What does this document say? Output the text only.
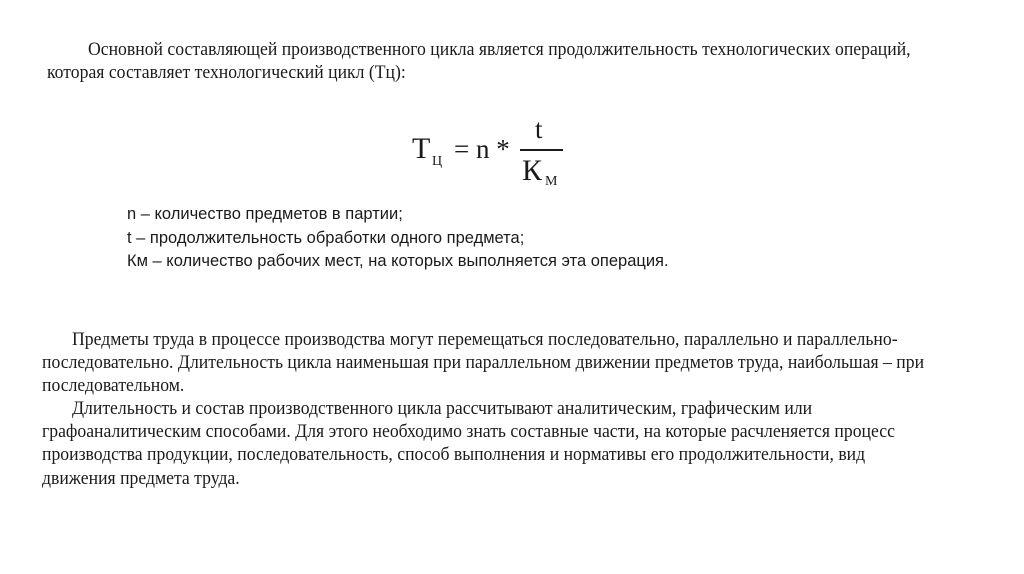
Основной составляющей производственного цикла является продолжительность технологических операций,
которая составляет технологический цикл (Тц):
Т Ц = n *
t
К М
n – количество предметов в партии;
t – продолжительность обработки одного предмета;
Км – количество рабочих мест, на которых выполняется эта операция.
Предметы труда в процессе производства могут перемещаться последовательно, параллельно и параллельно-
последовательно. Длительность цикла наименьшая при параллельном движении предметов труда, наибольшая – при
последовательном.
Длительность и состав производственного цикла рассчитывают аналитическим, графическим или
графоаналитическим способами. Для этого необходимо знать составные части, на которые расчленяется процесс
производства продукции, последовательность, способ выполнения и нормативы его продолжительности, вид
движения предмета труда.
